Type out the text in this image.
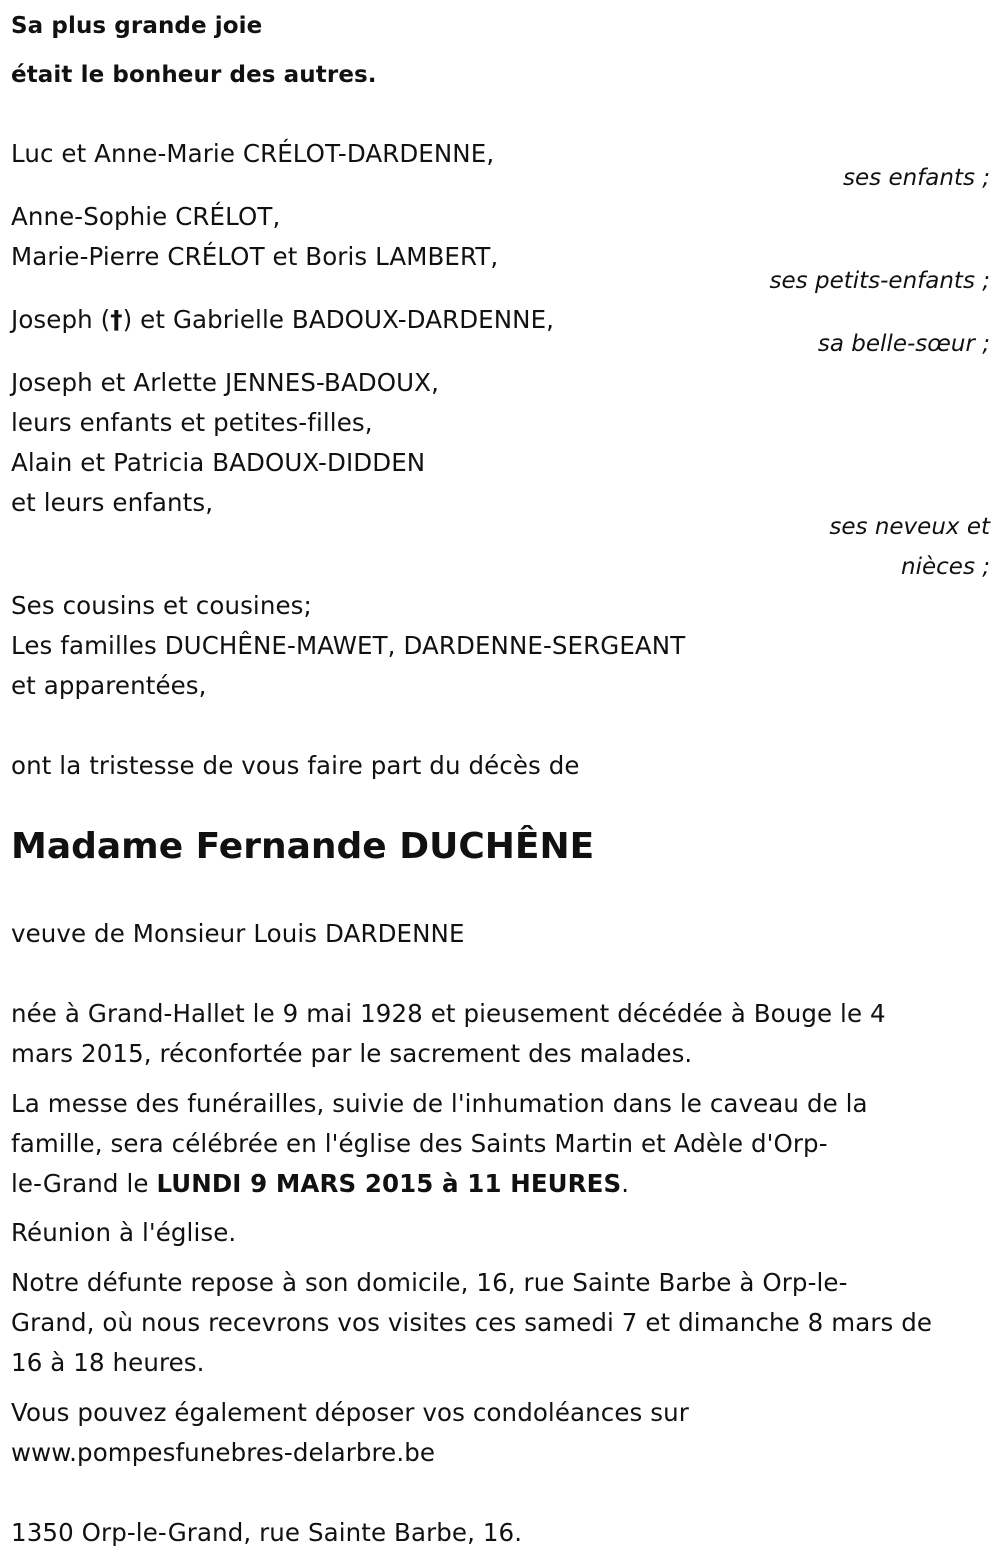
Sa plus grande joie
était le bonheur des autres.
Luc et Anne-Marie CRÉLOT-DARDENNE,
ses enfants ;
Anne-Sophie CRÉLOT,
Marie-Pierre CRÉLOT et Boris LAMBERT,
ses petits-enfants ;
Joseph (†) et Gabrielle BADOUX-DARDENNE,
sa belle-sœur ;
Joseph et Arlette JENNES-BADOUX,
leurs enfants et petites-filles,
Alain et Patricia BADOUX-DIDDEN
et leurs enfants,
ses neveux et
nièces ;
Ses cousins et cousines;
Les familles DUCHÊNE-MAWET, DARDENNE-SERGEANT
et apparentées,
ont la tristesse de vous faire part du décès de
Madame Fernande DUCHÊNE
veuve de Monsieur Louis DARDENNE
née à Grand-Hallet le 9 mai 1928 et pieusement décédée à Bouge le 4
mars 2015, réconfortée par le sacrement des malades.
La messe des funérailles, suivie de l'inhumation dans le caveau de la
famille, sera célébrée en l'église des Saints Martin et Adèle d'Orp-
le-Grand le LUNDI 9 MARS 2015 à 11 HEURES.
Réunion à l'église.
Notre défunte repose à son domicile, 16, rue Sainte Barbe à Orp-le-
Grand, où nous recevrons vos visites ces samedi 7 et dimanche 8 mars de
16 à 18 heures.
Vous pouvez également déposer vos condoléances sur
www.pompesfunebres-delarbre.be
1350 Orp-le-Grand, rue Sainte Barbe, 16.
